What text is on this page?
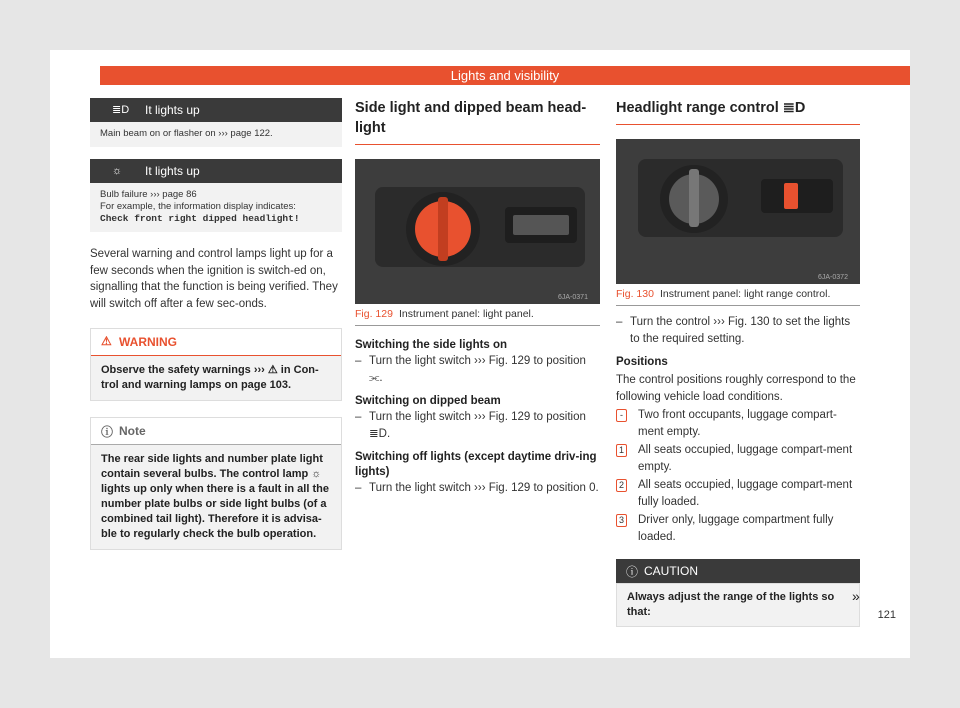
Lights and visibility
≣D It lights up
Main beam on or flasher on ››› page 122.
☼ It lights up
Bulb failure ››› page 86
For example, the information display indicates:
Check front right dipped headlight!
Several warning and control lamps light up for a few seconds when the ignition is switch-ed on, signalling that the function is being verified. They will switch off after a few sec-onds.
⚠ WARNING
Observe the safety warnings ››› ⚠ in Con-trol and warning lamps on page 103.
ⓘ Note
The rear side lights and number plate light contain several bulbs. The control lamp ☼ lights up only when there is a fault in all the number plate bulbs or side light bulbs (of a combined tail light). Therefore it is advisa-ble to regularly check the bulb operation.
Side light and dipped beam head-light
6JA-0371
Fig. 129 Instrument panel: light panel.
Switching the side lights on
– Turn the light switch ››› Fig. 129 to position ⫘.
Switching on dipped beam
– Turn the light switch ››› Fig. 129 to position ≣D.
Switching off lights (except daytime driv-ing lights)
– Turn the light switch ››› Fig. 129 to position 0.
Headlight range control ≣D
6JA-0372
Fig. 130 Instrument panel: light range control.
– Turn the control ››› Fig. 130 to set the lights to the required setting.
Positions
The control positions roughly correspond to the following vehicle load conditions.
-	Two front occupants, luggage compart-ment empty.
1 All seats occupied, luggage compart-ment empty.
2 All seats occupied, luggage compart-ment fully loaded.
3 Driver only, luggage compartment fully loaded.
ⓘ CAUTION
Always adjust the range of the lights so that:
»
121
